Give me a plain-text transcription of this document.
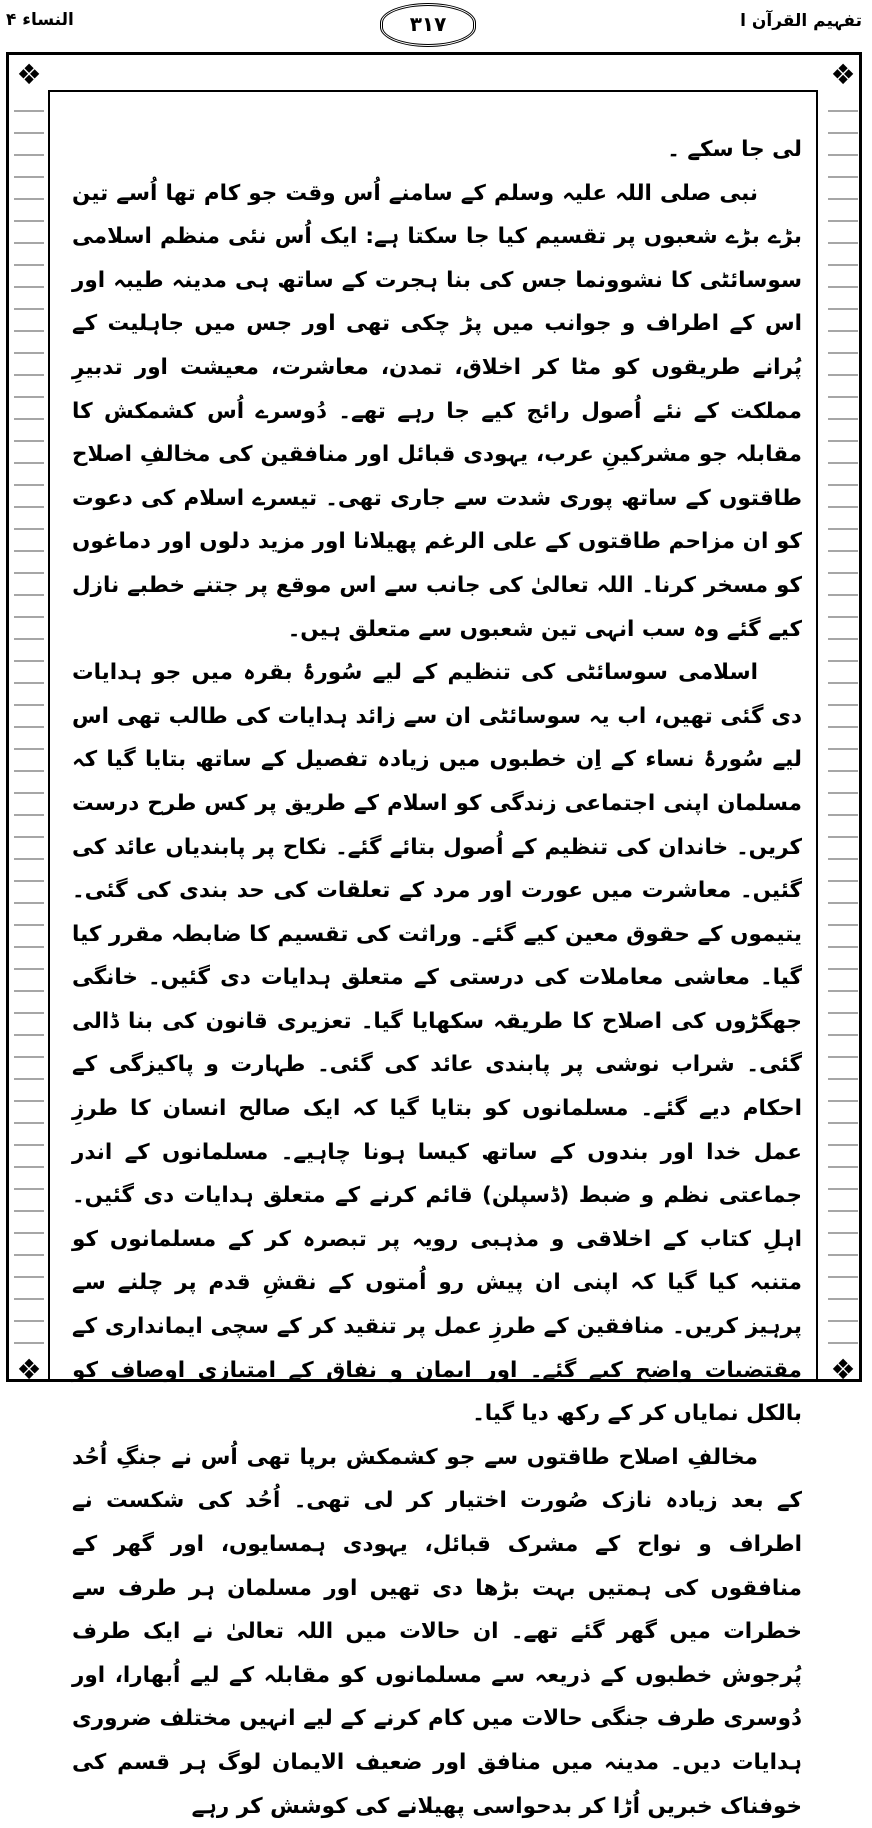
❖	❖
❖	❖
النساء ۴	۳۱۷	تفہیم القرآن ا

لی جا سکے ۔

نبی صلی اللہ علیہ وسلم کے سامنے اُس وقت جو کام تھا اُسے تین بڑے بڑے شعبوں پر تقسیم کیا جا سکتا ہے: ایک اُس نئی منظم اسلامی سوسائٹی کا نشوونما جس کی بنا ہجرت کے ساتھ ہی مدینہ طیبہ اور اس کے اطراف و جوانب میں پڑ چکی تھی اور جس میں جاہلیت کے پُرانے طریقوں کو مٹا کر اخلاق، تمدن، معاشرت، معیشت اور تدبیرِ مملکت کے نئے اُصول رائج کیے جا رہے تھے۔ دُوسرے اُس کشمکش کا مقابلہ جو مشرکینِ عرب، یہودی قبائل اور منافقین کی مخالفِ اصلاح طاقتوں کے ساتھ پوری شدت سے جاری تھی۔ تیسرے اسلام کی دعوت کو ان مزاحم طاقتوں کے علی الرغم پھیلانا اور مزید دلوں اور دماغوں کو مسخر کرنا۔ اللہ تعالیٰ کی جانب سے اس موقع پر جتنے خطبے نازل کیے گئے وہ سب انہی تین شعبوں سے متعلق ہیں۔

اسلامی سوسائٹی کی تنظیم کے لیے سُورۂ بقرہ میں جو ہدایات دی گئی تھیں، اب یہ سوسائٹی ان سے زائد ہدایات کی طالب تھی اس لیے سُورۂ نساء کے اِن خطبوں میں زیادہ تفصیل کے ساتھ بتایا گیا کہ مسلمان اپنی اجتماعی زندگی کو اسلام کے طریق پر کس طرح درست کریں۔ خاندان کی تنظیم کے اُصول بتائے گئے۔ نکاح پر پابندیاں عائد کی گئیں۔ معاشرت میں عورت اور مرد کے تعلقات کی حد بندی کی گئی۔ یتیموں کے حقوق معین کیے گئے۔ وراثت کی تقسیم کا ضابطہ مقرر کیا گیا۔ معاشی معاملات کی درستی کے متعلق ہدایات دی گئیں۔ خانگی جھگڑوں کی اصلاح کا طریقہ سکھایا گیا۔ تعزیری قانون کی بنا ڈالی گئی۔ شراب نوشی پر پابندی عائد کی گئی۔ طہارت و پاکیزگی کے احکام دیے گئے۔ مسلمانوں کو بتایا گیا کہ ایک صالح انسان کا طرزِ عمل خدا اور بندوں کے ساتھ کیسا ہونا چاہیے۔ مسلمانوں کے اندر جماعتی نظم و ضبط (ڈسپلن) قائم کرنے کے متعلق ہدایات دی گئیں۔ اہلِ کتاب کے اخلاقی و مذہبی رویہ پر تبصرہ کر کے مسلمانوں کو متنبہ کیا گیا کہ اپنی ان پیش رو اُمتوں کے نقشِ قدم پر چلنے سے پرہیز کریں۔ منافقین کے طرزِ عمل پر تنقید کر کے سچی ایمانداری کے مقتضیات واضح کیے گئے۔ اور ایمان و نفاق کے امتیازی اوصاف کو بالکل نمایاں کر کے رکھ دیا گیا۔

مخالفِ اصلاح طاقتوں سے جو کشمکش برپا تھی اُس نے جنگِ اُحُد کے بعد زیادہ نازک صُورت اختیار کر لی تھی۔ اُحُد کی شکست نے اطراف و نواح کے مشرک قبائل، یہودی ہمسایوں، اور گھر کے منافقوں کی ہمتیں بہت بڑھا دی تھیں اور مسلمان ہر طرف سے خطرات میں گھر گئے تھے۔ ان حالات میں اللہ تعالیٰ نے ایک طرف پُرجوش خطبوں کے ذریعہ سے مسلمانوں کو مقابلہ کے لیے اُبھارا، اور دُوسری طرف جنگی حالات میں کام کرنے کے لیے انہیں مختلف ضروری ہدایات دیں۔ مدینہ میں منافق اور ضعیف الایمان لوگ ہر قسم کی خوفناک خبریں اُڑا کر بدحواسی پھیلانے کی کوشش کر رہے
